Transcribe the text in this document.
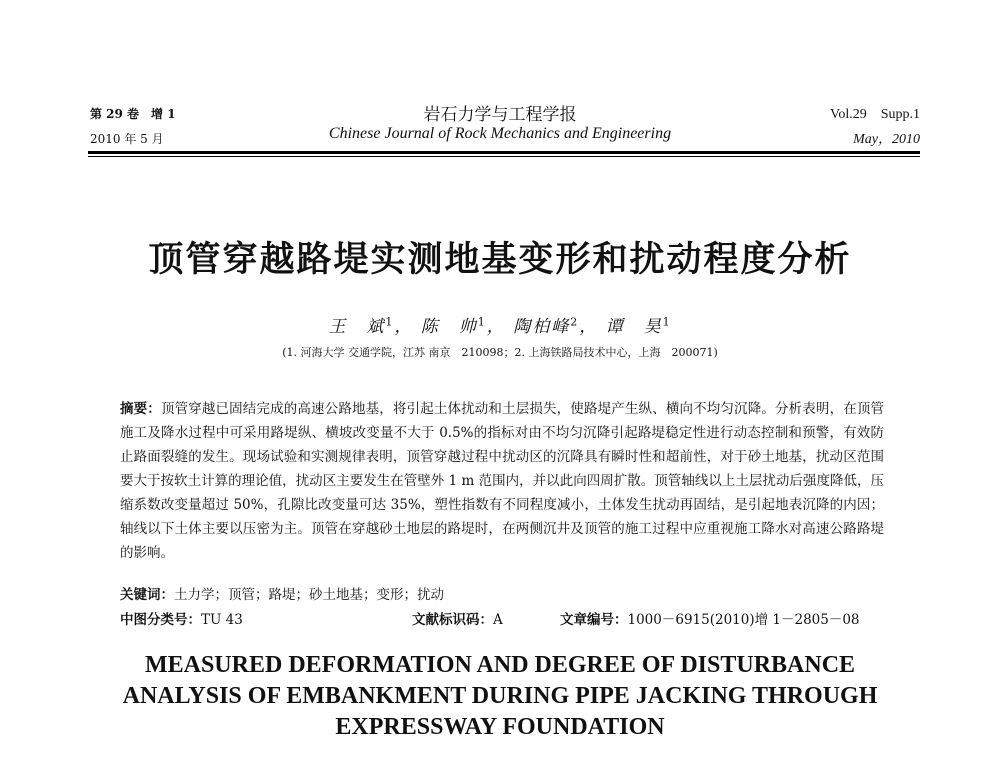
第 29 卷　增 1
2010 年 5 月
岩石力学与工程学报
Chinese Journal of Rock Mechanics and Engineering
Vol.29　Supp.1
May，2010
顶管穿越路堤实测地基变形和扰动程度分析
王　斌$^1$， 陈　帅$^1$， 陶柏峰$^2$， 谭　昊$^1$
(1. 河海大学 交通学院，江苏 南京　210098；2. 上海铁路局技术中心，上海　200071)
摘要：顶管穿越已固结完成的高速公路地基，将引起土体扰动和土层损失，使路堤产生纵、横向不均匀沉降。分析表明，在顶管施工及降水过程中可采用路堤纵、横坡改变量不大于 0.5%的指标对由不均匀沉降引起路堤稳定性进行动态控制和预警，有效防止路面裂缝的发生。现场试验和实测规律表明，顶管穿越过程中扰动区的沉降具有瞬时性和超前性，对于砂土地基，扰动区范围要大于按软土计算的理论值，扰动区主要发生在管壁外 1 m 范围内，并以此向四周扩散。顶管轴线以上土层扰动后强度降低，压缩系数改变量超过 50%，孔隙比改变量可达 35%，塑性指数有不同程度减小，土体发生扰动再固结，是引起地表沉降的内因；轴线以下土体主要以压密为主。顶管在穿越砂土地层的路堤时，在两侧沉井及顶管的施工过程中应重视施工降水对高速公路路堤的影响。
关键词：土力学；顶管；路堤；砂土地基；变形；扰动
中图分类号：TU 43	文献标识码：A	文章编号：1000－6915(2010)增 1－2805－08
MEASURED DEFORMATION AND DEGREE OF DISTURBANCE
ANALYSIS OF EMBANKMENT DURING PIPE JACKING THROUGH
EXPRESSWAY FOUNDATION
